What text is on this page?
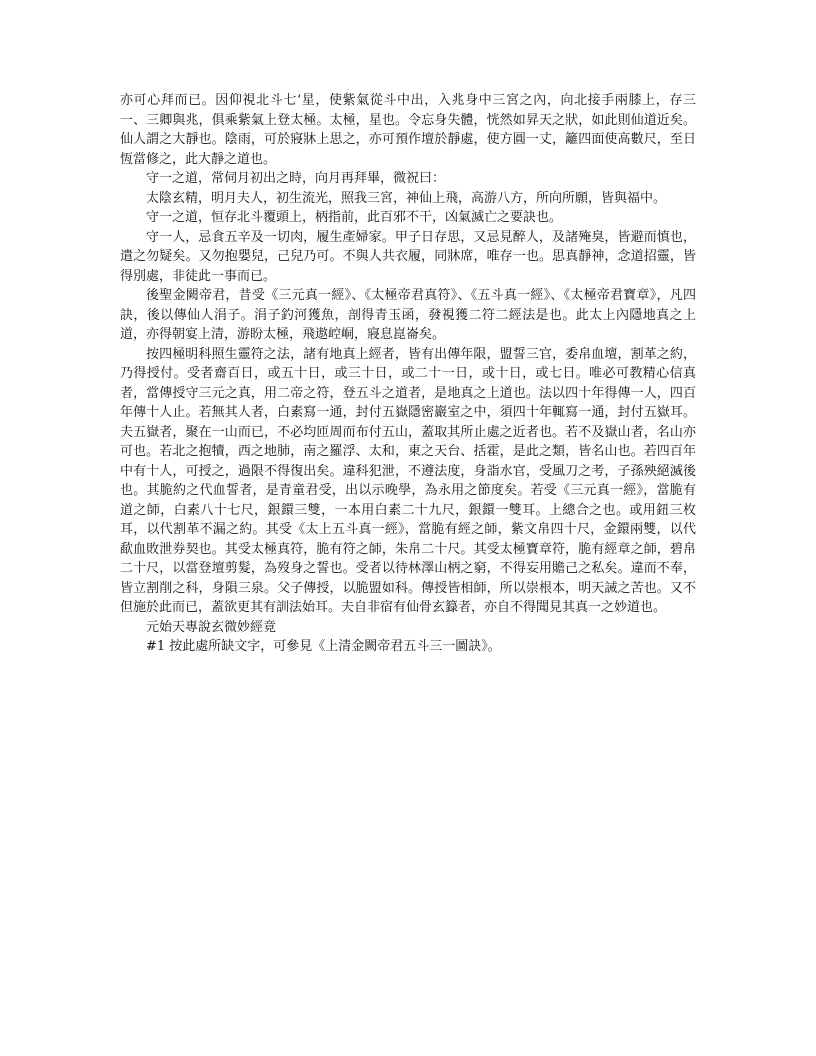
亦可心拜而已。因仰視北斗七‘星，使紫氣從斗中出，入兆身中三宮之內，向北接手兩膝上，存三一、三卿與兆，俱乘紫氣上登太極。太極，星也。令忘身失體，恍然如昇天之狀，如此則仙道近矣。仙人謂之大靜也。陰雨，可於寢牀上思之，亦可預作壇於靜處，使方圓一丈，籬四面使高數尺，至日恆當修之，此大靜之道也。

守一之道，常伺月初出之時，向月再拜畢，微祝曰：

太陰玄精，明月夫人，初生流光，照我三宮，神仙上飛，高游八方，所向所願，皆與福中。

守一之道，恒存北斗覆頭上，柄指前，此百邪不干，凶氣滅亡之要訣也。

守一人，忌食五辛及一切肉，履生產婦家。甲子日存思，又忌見醉人，及諸殗臭，皆避而慎也，遣之勿疑矣。又勿抱嬰兒，己兒乃可。不與人共衣履，同牀席，唯存一也。思真靜神，念道招靈，皆得別處，非徒此一事而已。

後聖金闕帝君，昔受《三元真一經》、《太極帝君真符》、《五斗真一經》、《太極帝君寶章》，凡四訣，後以傳仙人涓子。涓子釣河獲魚，剖得青玉函，發視獲二符二經法是也。此太上內隱地真之上道，亦得朝宴上清，游盼太極，飛遨崆峒，寢息崑崙矣。

按四極明科照生靈符之法，諸有地真上經者，皆有出傳年限，盟誓三官，委帛血壇，割革之約，乃得授付。受者齋百日，或五十日，或三十日，或二十一日，或十日，或七日。唯必可教精心信真者，當傳授守三元之真，用二帝之符，登五斗之道者，是地真之上道也。法以四十年得傳一人，四百年傳十人止。若無其人者，白素寫一通，封付五嶽隱密巖室之中，須四十年輒寫一通，封付五嶽耳。夫五嶽者，聚在一山而已，不必均匝周而布付五山，蓋取其所止處之近者也。若不及嶽山者，名山亦可也。若北之抱犢，西之地肺，南之羅浮、太和，東之天台、括霍，是此之類，皆名山也。若四百年中有十人，可授之，過限不得復出矣。違科犯泄，不遵法度，身詣水官，受風刀之考，子孫殃絕滅後也。其脆約之代血誓者，是青童君受，出以示晚學，為永用之節度矣。若受《三元真一經》，當脆有道之師，白素八十七尺，銀鐶三雙，一本用白素二十九尺，銀鐶一雙耳。上總合之也。或用鈕三枚耳，以代割革不漏之約。其受《太上五斗真一經》，當脆有經之師，紫文帛四十尺，金鐶兩雙，以代歃血敗泄券契也。其受太極真符，脆有符之師，朱帛二十尺。其受太極寶章符，脆有經章之師，碧帛二十尺，以當登壇剪髮，為歿身之誓也。受者以待林澤山柄之窮，不得妄用贍己之私矣。違而不奉，皆立割削之科，身隕三泉。父子傳授，以脆盟如科。傳授皆相師，所以崇根本，明天誡之苦也。又不但施於此而已，蓋欲更其有訓法始耳。夫自非宿有仙骨玄籙者，亦自不得聞見其真一之妙道也。

元始天專說玄微妙經竟

#1 按此處所缺文字，可參見《上清金闕帝君五斗三一圖訣》。
